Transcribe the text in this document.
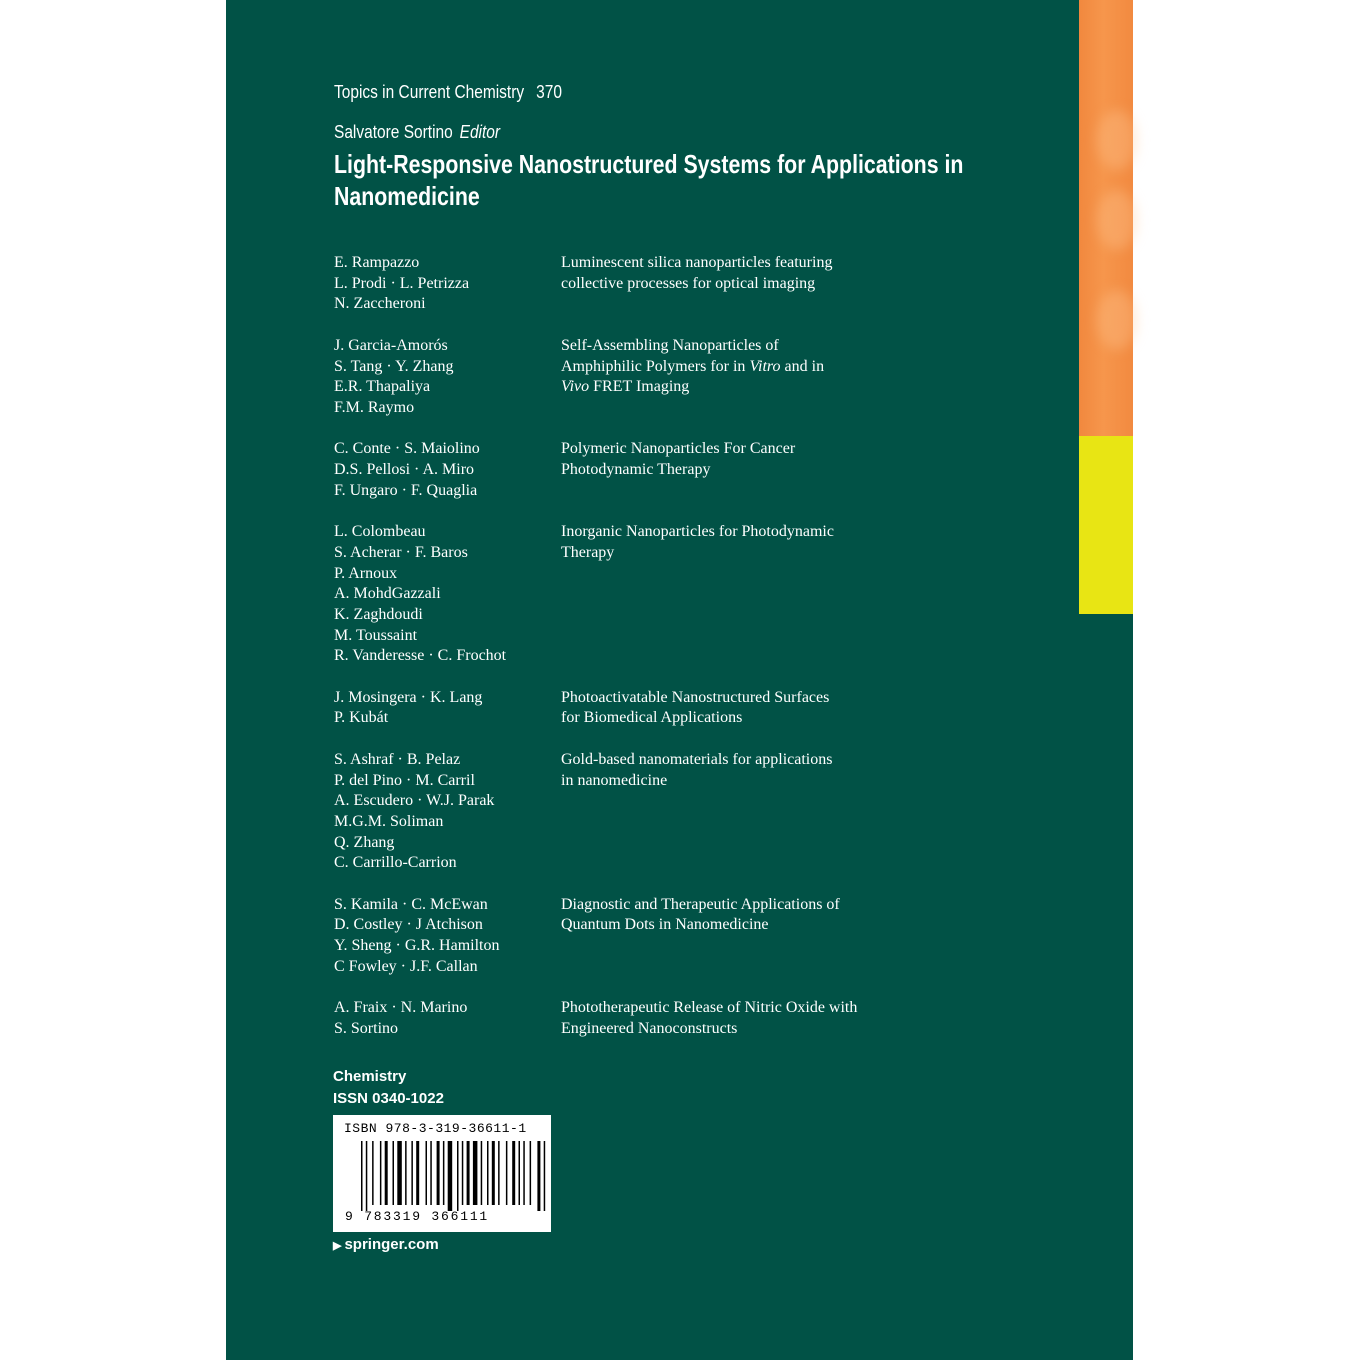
Topics in Current Chemistry 370
Salvatore Sortino Editor
Light-Responsive Nanostructured Systems for Applications in
Nanomedicine
E. Rampazzo
L. Prodi · L. Petrizza
N. Zaccheroni
Luminescent silica nanoparticles featuring
collective processes for optical imaging
J. Garcia-Amorós
S. Tang · Y. Zhang
E.R. Thapaliya
F.M. Raymo
Self-Assembling Nanoparticles of
Amphiphilic Polymers for in Vitro and in
Vivo FRET Imaging
C. Conte · S. Maiolino
D.S. Pellosi · A. Miro
F. Ungaro · F. Quaglia
Polymeric Nanoparticles For Cancer
Photodynamic Therapy
L. Colombeau
S. Acherar · F. Baros
P. Arnoux
A. MohdGazzali
K. Zaghdoudi
M. Toussaint
R. Vanderesse · C. Frochot
Inorganic Nanoparticles for Photodynamic
Therapy
J. Mosingera · K. Lang
P. Kubát
Photoactivatable Nanostructured Surfaces
for Biomedical Applications
S. Ashraf · B. Pelaz
P. del Pino · M. Carril
A. Escudero · W.J. Parak
M.G.M. Soliman
Q. Zhang
C. Carrillo-Carrion
Gold-based nanomaterials for applications
in nanomedicine
S. Kamila · C. McEwan
D. Costley · J Atchison
Y. Sheng · G.R. Hamilton
C Fowley · J.F. Callan
Diagnostic and Therapeutic Applications of
Quantum Dots in Nanomedicine
A. Fraix · N. Marino
S. Sortino
Phototherapeutic Release of Nitric Oxide with
Engineered Nanoconstructs
Chemistry
ISSN 0340-1022
ISBN 978-3-319-36611-1
9 783319 366111
▶ springer.com
